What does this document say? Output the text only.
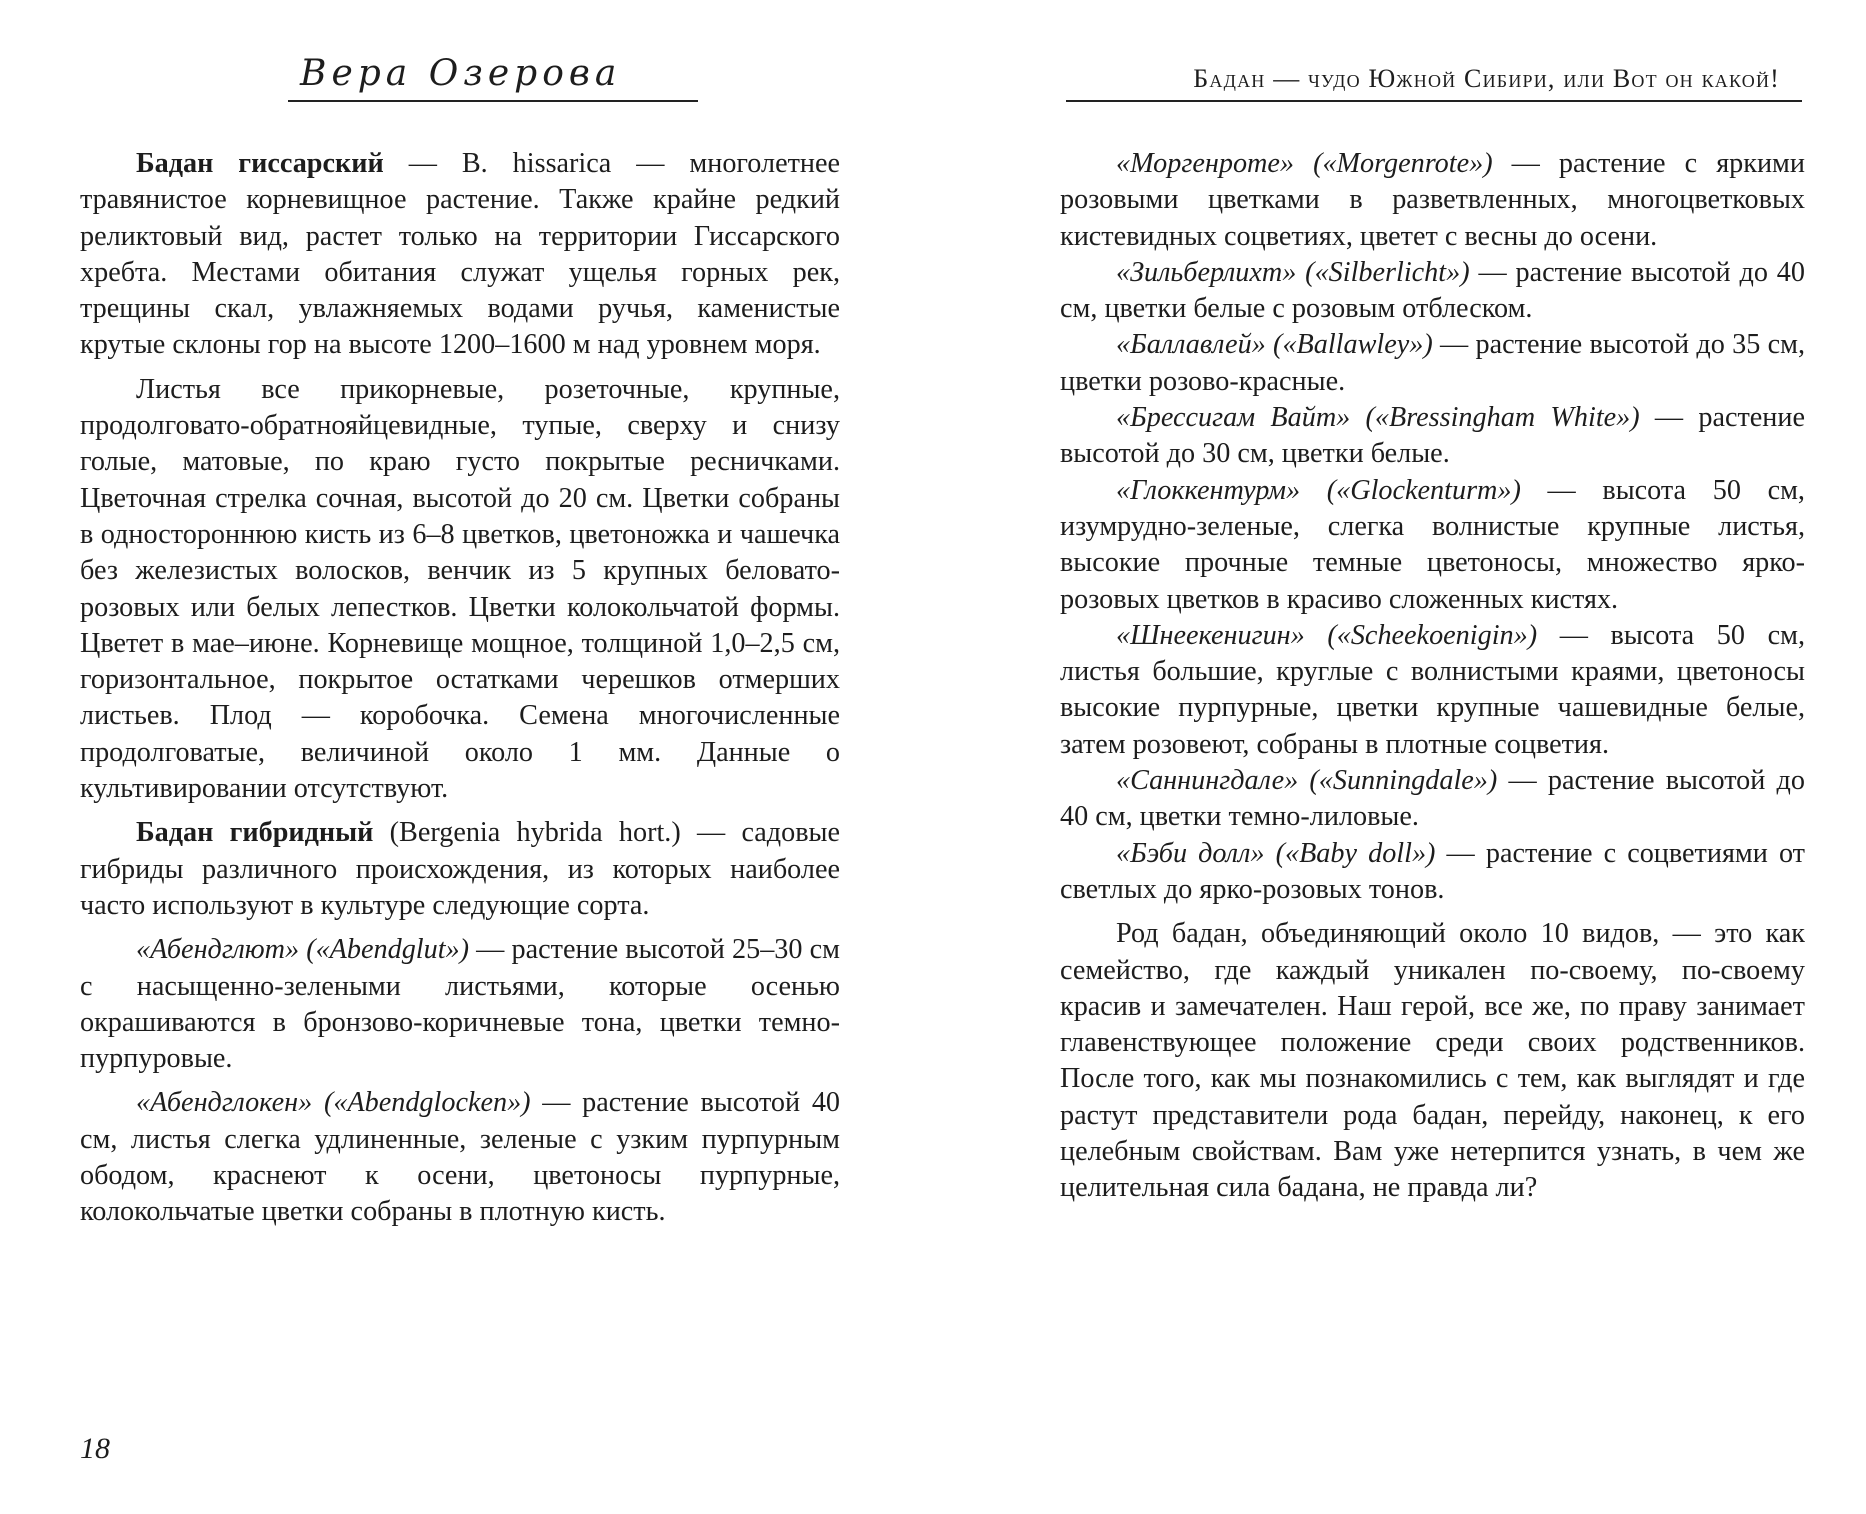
Вера Озерова

Бадан гиссарский — B. hissarica — многолетнее травянистое корневищное растение. Также крайне редкий реликтовый вид, растет только на территории Гиссарского хребта. Местами обитания служат ущелья горных рек, трещины скал, увлажняемых водами ручья, каменистые крутые склоны гор на высоте 1200–1600 м над уровнем моря.

Листья все прикорневые, розеточные, крупные, продолговато-обратнояйцевидные, тупые, сверху и снизу голые, матовые, по краю густо покрытые ресничками. Цветочная стрелка сочная, высотой до 20 см. Цветки собраны в одностороннюю кисть из 6–8 цветков, цветоножка и чашечка без железистых волосков, венчик из 5 крупных беловато-розовых или белых лепестков. Цветки колокольчатой формы. Цветет в мае–июне. Корневище мощное, толщиной 1,0–2,5 см, горизонтальное, покрытое остатками черешков отмерших листьев. Плод — коробочка. Семена многочисленные продолговатые, величиной около 1 мм. Данные о культивировании отсутствуют.

Бадан гибридный (Bergenia hybrida hort.) — садовые гибриды различного происхождения, из которых наиболее часто используют в культуре следующие сорта.

«Абендглют» («Abendglut») — растение высотой 25–30 см с насыщенно-зелеными листьями, которые осенью окрашиваются в бронзово-коричневые тона, цветки темно-пурпуровые.

«Абендглокен» («Abendglocken») — растение высотой 40 см, листья слегка удлиненные, зеленые с узким пурпурным ободом, краснеют к осени, цветоносы пурпурные, колокольчатые цветки собраны в плотную кисть.

18
Бадан — чудо Южной Сибири, или Вот он какой!

«Моргенроте» («Morgenrote») — растение с яркими розовыми цветками в разветвленных, многоцветковых кистевидных соцветиях, цветет с весны до осени.

«Зильберлихт» («Silberlicht») — растение высотой до 40 см, цветки белые с розовым отблеском.

«Баллавлей» («Ballawley») — растение высотой до 35 см, цветки розово-красные.

«Брессигам Вайт» («Bressingham White») — растение высотой до 30 см, цветки белые.

«Глоккентурм» («Glockenturm») — высота 50 см, изумрудно-зеленые, слегка волнистые крупные листья, высокие прочные темные цветоносы, множество ярко-розовых цветков в красиво сложенных кистях.

«Шнеекенигин» («Scheekoenigin») — высота 50 см, листья большие, круглые с волнистыми краями, цветоносы высокие пурпурные, цветки крупные чашевидные белые, затем розовеют, собраны в плотные соцветия.

«Саннингдале» («Sunningdale») — растение высотой до 40 см, цветки темно-лиловые.

«Бэби долл» («Baby doll») — растение с соцветиями от светлых до ярко-розовых тонов.

Род бадан, объединяющий около 10 видов, — это как семейство, где каждый уникален по-своему, по-своему красив и замечателен. Наш герой, все же, по праву занимает главенствующее положение среди своих родственников. После того, как мы познакомились с тем, как выглядят и где растут представители рода бадан, перейду, наконец, к его целебным свойствам. Вам уже нетерпится узнать, в чем же целительная сила бадана, не правда ли?
